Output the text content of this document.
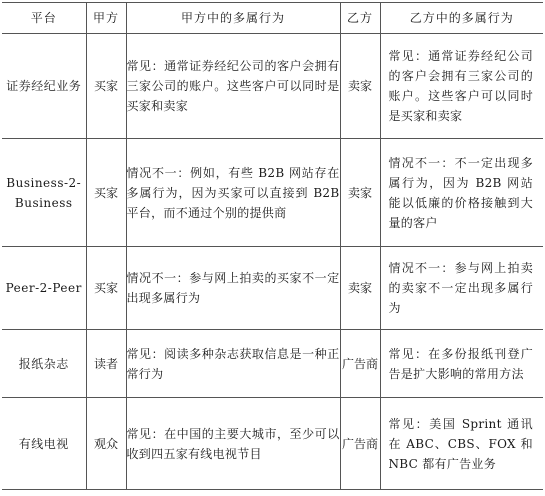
平台	甲方	甲方中的多属行为	乙方	乙方中的多属行为
证券经纪业务	买家	常见：通常证券经纪公司的客户会拥有三家公司的账户。这些客户可以同时是买家和卖家	卖家	常见：通常证券经纪公司的客户会拥有三家公司的账户。这些客户可以同时是买家和卖家
Business-2-Business	买家	情况不一：例如，有些 B2B 网站存在多属行为，因为买家可以直接到 B2B 平台，而不通过个别的提供商	卖家	情况不一：不一定出现多属行为，因为 B2B 网站能以低廉的价格接触到大量的客户
Peer-2-Peer	买家	情况不一：参与网上拍卖的买家不一定出现多属行为	卖家	情况不一：参与网上拍卖的卖家不一定出现多属行为
报纸杂志	读者	常见：阅读多种杂志获取信息是一种正常行为	广告商	常见：在多份报纸刊登广告是扩大影响的常用方法
有线电视	观众	常见：在中国的主要大城市，至少可以收到四五家有线电视节目	广告商	常见：美国 Sprint 通讯在 ABC、CBS、FOX 和 NBC 都有广告业务
